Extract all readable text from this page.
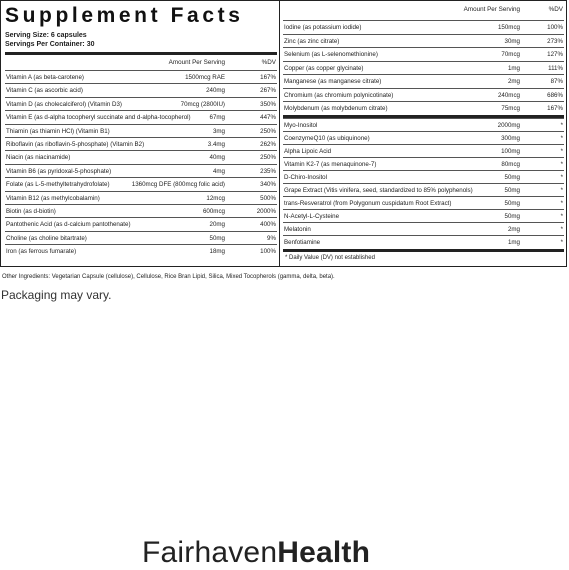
Supplement Facts
Serving Size: 6 capsules
Servings Per Container: 30
Amount Per Serving	%DV
Vitamin A (as beta-carotene)	1500mcg RAE	167%
Vitamin C (as ascorbic acid)	240mg	267%
Vitamin D (as cholecalciferol) (Vitamin D3)	70mcg (2800IU)	350%
Vitamin E (as d-alpha tocopheryl succinate and d-alpha-tocopherol)	67mg	447%
Thiamin (as thiamin HCl) (Vitamin B1)	3mg	250%
Riboflavin (as riboflavin-5-phosphate) (Vitamin B2)	3.4mg	262%
Niacin (as niacinamide)	40mg	250%
Vitamin B6 (as pyridoxal-5-phosphate)	4mg	235%
Folate (as L-5-methyltetrahydrofolate)	1360mcg DFE (800mcg folic acid)	340%
Vitamin B12 (as methylcobalamin)	12mcg	500%
Biotin (as d-biotin)	600mcg	2000%
Pantothenic Acid (as d-calcium pantothenate)	20mg	400%
Choline (as choline bitartrate)	50mg	9%
Iron (as ferrous fumarate)	18mg	100%
Amount Per Serving	%DV
Iodine (as potassium iodide)	150mcg	100%
Zinc (as zinc citrate)	30mg	273%
Selenium (as L-selenomethionine)	70mcg	127%
Copper (as copper glycinate)	1mg	111%
Manganese (as manganese citrate)	2mg	87%
Chromium (as chromium polynicotinate)	240mcg	686%
Molybdenum (as molybdenum citrate)	75mcg	167%
Myo-Inositol	2000mg	*
CoenzymeQ10 (as ubiquinone)	300mg	*
Alpha Lipoic Acid	100mg	*
Vitamin K2-7 (as menaquinone-7)	80mcg	*
D-Chiro-Inositol	50mg	*
Grape Extract (Vitis vinifera, seed, standardized to 85% polyphenols)	50mg	*
trans-Resveratrol (from Polygonum cuspidatum Root Extract)	50mg	*
N-Acetyl-L-Cysteine	50mg	*
Melatonin	2mg	*
Benfotiamine	1mg	*
* Daily Value (DV) not established
Other Ingredients: Vegetarian Capsule (cellulose), Cellulose, Rice Bran Lipid, Silica, Mixed Tocopherols (gamma, delta, beta).
Packaging may vary.
FairhavenHealth
